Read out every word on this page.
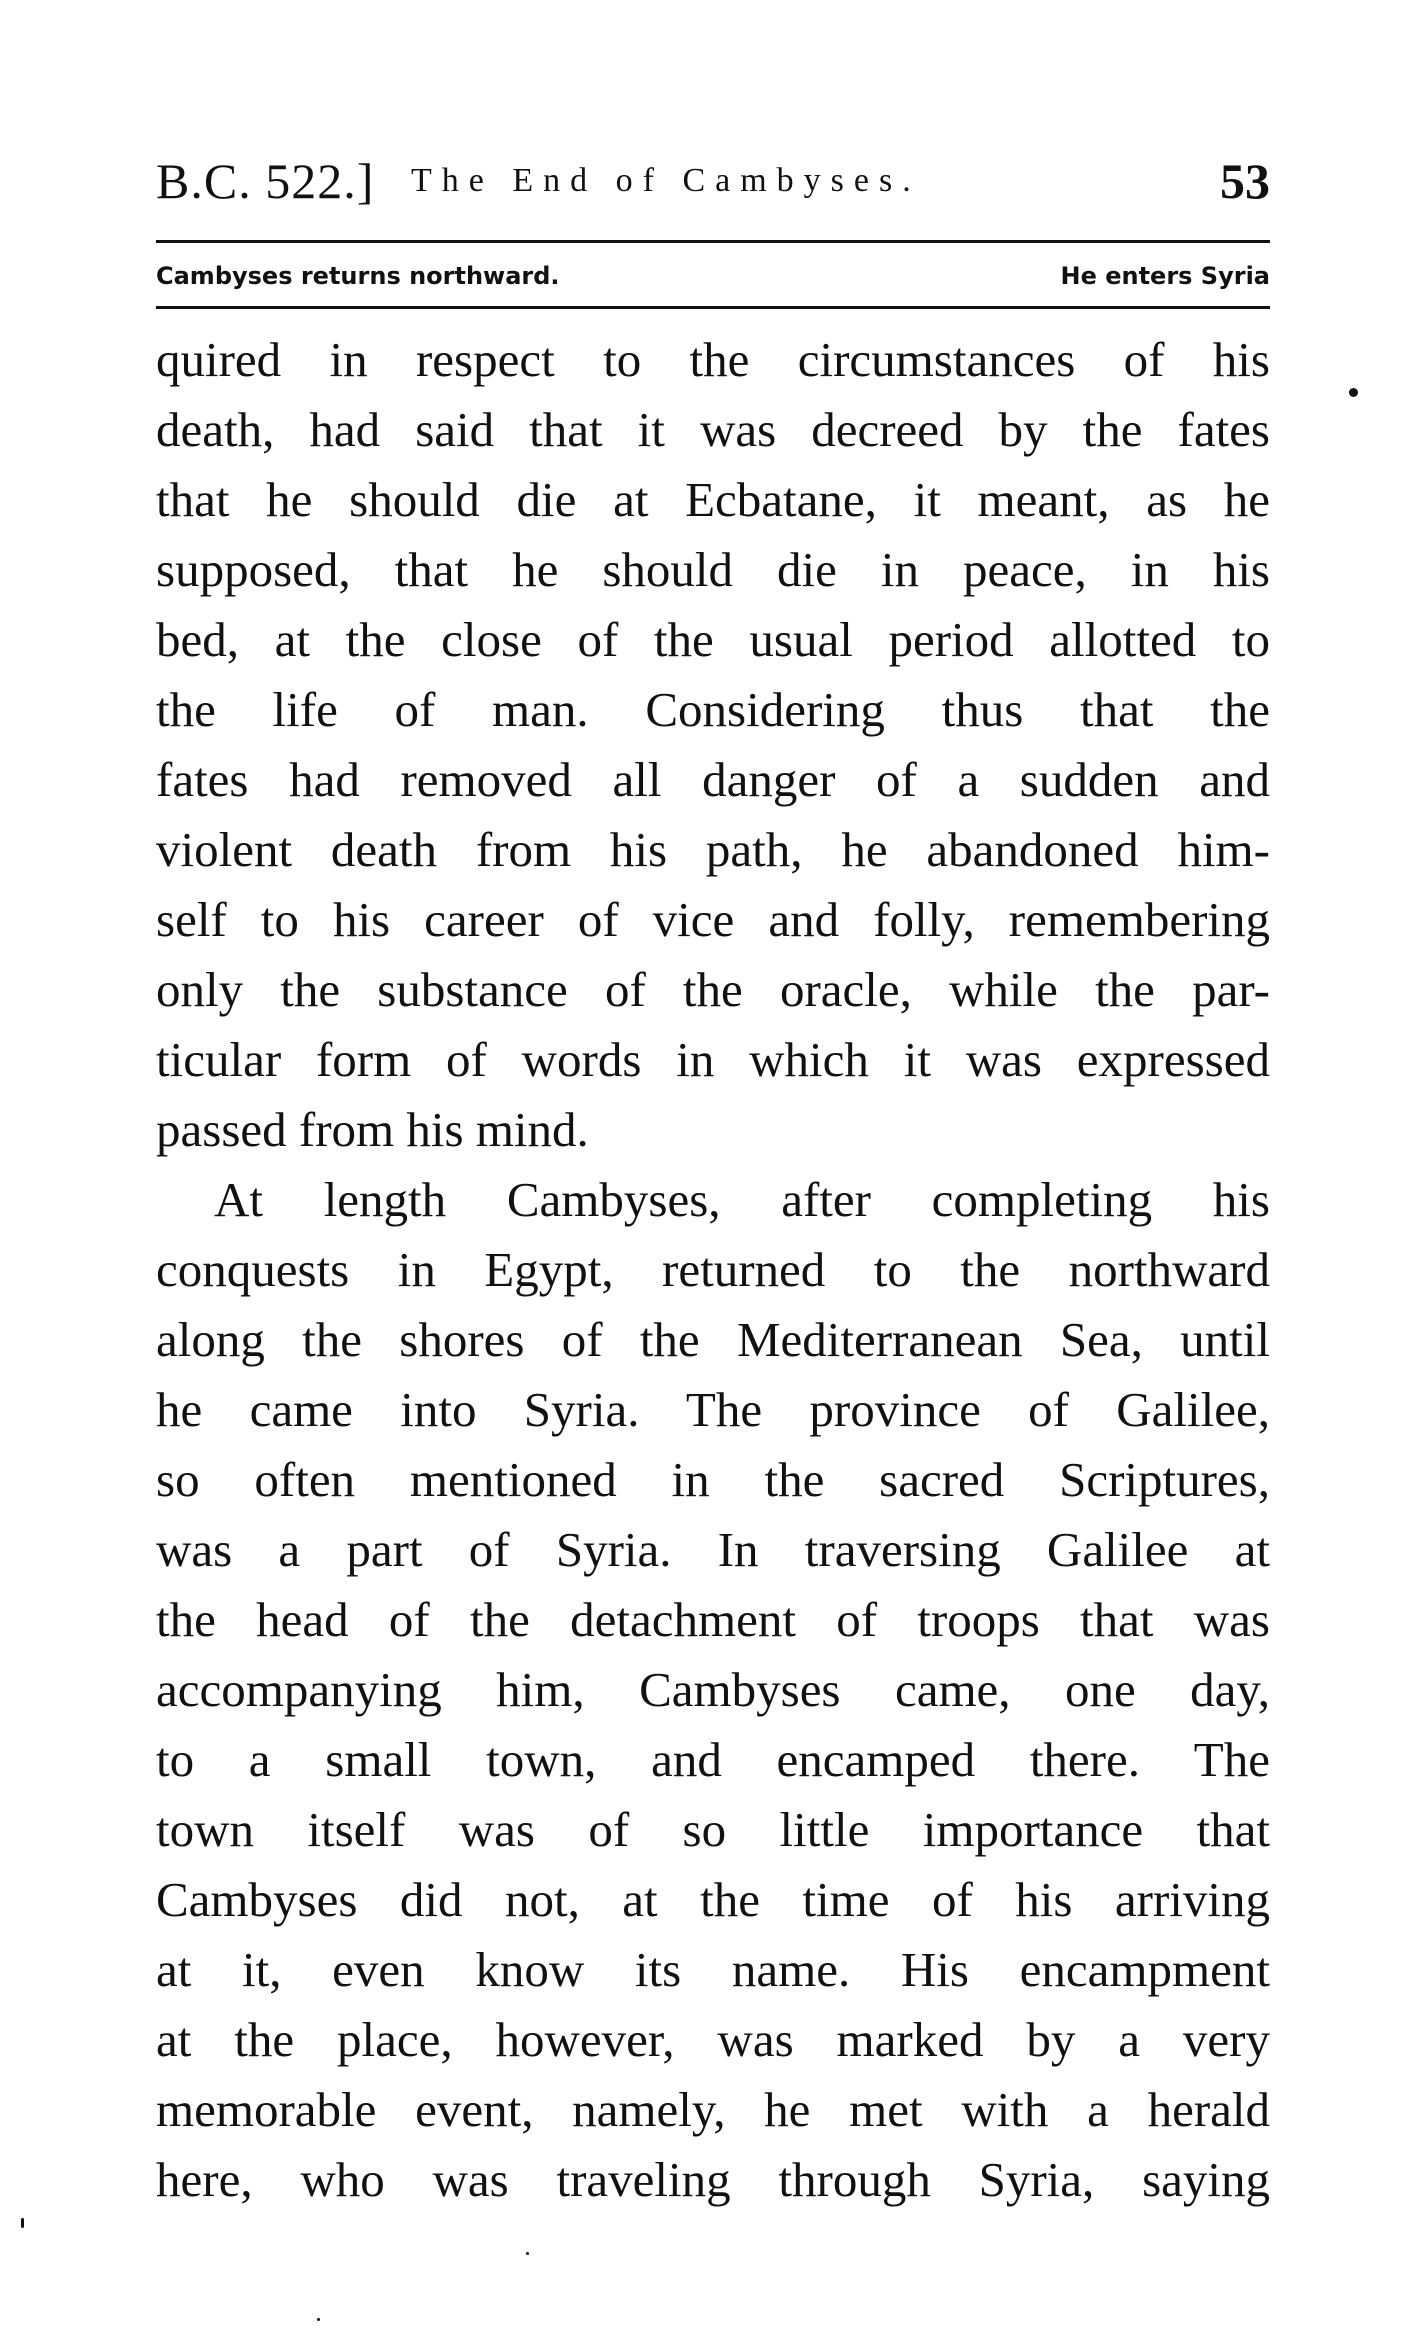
B.C. 522.] The End of Cambyses.	53
Cambyses returns northward.	He enters Syria
quired in respect to the circumstances of his
death, had said that it was decreed by the fates
that he should die at Ecbatane, it meant, as he
supposed, that he should die in peace, in his
bed, at the close of the usual period allotted to
the life of man. Considering thus that the
fates had removed all danger of a sudden and
violent death from his path, he abandoned him-
self to his career of vice and folly, remembering
only the substance of the oracle, while the par-
ticular form of words in which it was expressed
passed from his mind.
At length Cambyses, after completing his
conquests in Egypt, returned to the northward
along the shores of the Mediterranean Sea, until
he came into Syria. The province of Galilee,
so often mentioned in the sacred Scriptures,
was a part of Syria. In traversing Galilee at
the head of the detachment of troops that was
accompanying him, Cambyses came, one day,
to a small town, and encamped there. The
town itself was of so little importance that
Cambyses did not, at the time of his arriving
at it, even know its name. His encampment
at the place, however, was marked by a very
memorable event, namely, he met with a herald
here, who was traveling through Syria, saying
